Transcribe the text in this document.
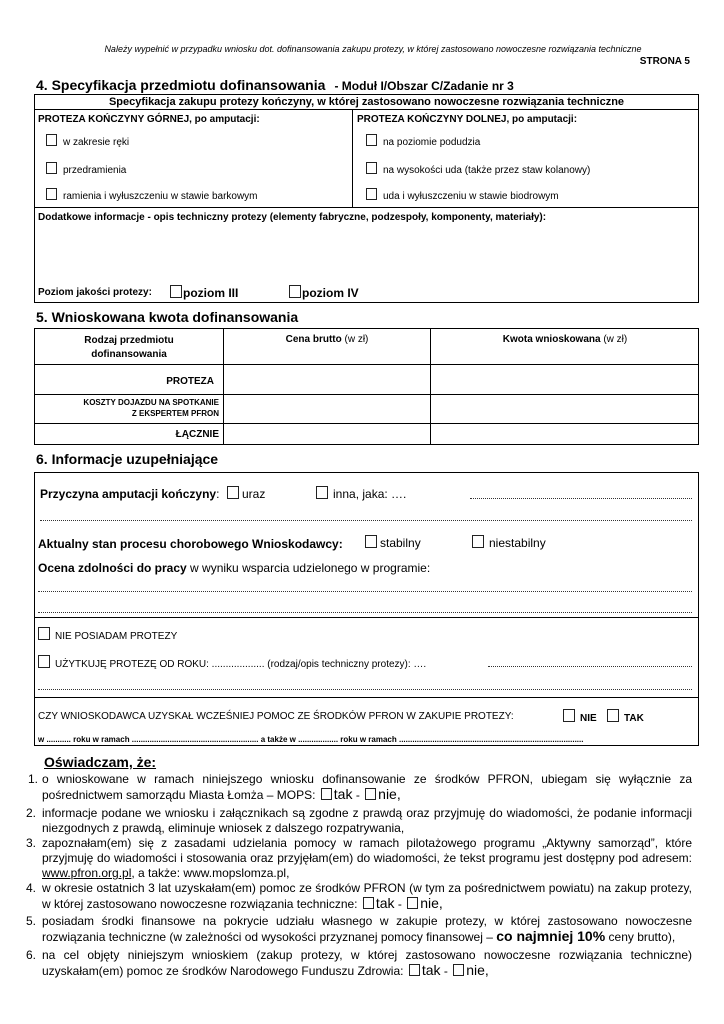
Należy wypełnić w przypadku wniosku dot. dofinansowania zakupu protezy, w której zastosowano nowoczesne rozwiązania techniczne
STRONA 5
4. Specyfikacja przedmiotu dofinansowania - Moduł I/Obszar C/Zadanie nr 3
Specyfikacja zakupu protezy kończyny, w której zastosowano nowoczesne rozwiązania techniczne
PROTEZA KOŃCZYNY GÓRNEJ, po amputacji:
w zakresie ręki
przedramienia
ramienia i wyłuszczeniu w stawie barkowym
PROTEZA KOŃCZYNY DOLNEJ, po amputacji:
na poziomie podudzia
na wysokości uda (także przez staw kolanowy)
uda i wyłuszczeniu w stawie biodrowym
Dodatkowe informacje - opis techniczny protezy (elementy fabryczne, podzespoły, komponenty, materiały):
Poziom jakości protezy:	poziom III	poziom IV
5. Wnioskowana kwota dofinansowania
Rodzaj przedmiotu
dofinansowania
Cena brutto (w zł)	Kwota wnioskowana (w zł)
PROTEZA
KOSZTY DOJAZDU NA SPOTKANIE
Z EKSPERTEM PFRON
ŁĄCZNIE
6. Informacje uzupełniające
Przyczyna amputacji kończyny:	uraz	inna, jaka: ….
Aktualny stan procesu chorobowego Wnioskodawcy:	stabilny	niestabilny
Ocena zdolności do pracy w wyniku wsparcia udzielonego w programie:
NIE POSIADAM PROTEZY
UŻYTKUJĘ PROTEZĘ OD ROKU: ................... (rodzaj/opis techniczny protezy): ….
CZY WNIOSKODAWCA UZYSKAŁ WCZEŚNIEJ POMOC ZE ŚRODKÓW PFRON W ZAKUPIE PROTEZY:	NIE	TAK
w ........... roku w ramach ......................................................... a także w .................. roku w ramach ...................................................................................
Oświadczam, że:
1. o wnioskowane w ramach niniejszego wniosku dofinansowanie ze środków PFRON, ubiegam się wyłącznie za pośrednictwem samorządu Miasta Łomża – MOPS: tak - nie,
2. informacje podane we wniosku i załącznikach są zgodne z prawdą oraz przyjmuję do wiadomości, że podanie informacji niezgodnych z prawdą, eliminuje wniosek z dalszego rozpatrywania,
3. zapoznałam(em) się z zasadami udzielania pomocy w ramach pilotażowego programu „Aktywny samorząd”, które przyjmuję do wiadomości i stosowania oraz przyjęłam(em) do wiadomości, że tekst programu jest dostępny pod adresem: www.pfron.org.pl, a także: www.mopslomza.pl,
4. w okresie ostatnich 3 lat uzyskałam(em) pomoc ze środków PFRON (w tym za pośrednictwem powiatu) na zakup protezy, w której zastosowano nowoczesne rozwiązania techniczne: tak - nie,
5. posiadam środki finansowe na pokrycie udziału własnego w zakupie protezy, w której zastosowano nowoczesne rozwiązania techniczne (w zależności od wysokości przyznanej pomocy finansowej – co najmniej 10% ceny brutto),
6. na cel objęty niniejszym wnioskiem (zakup protezy, w której zastosowano nowoczesne rozwiązania techniczne) uzyskałam(em) pomoc ze środków Narodowego Funduszu Zdrowia: tak - nie,
